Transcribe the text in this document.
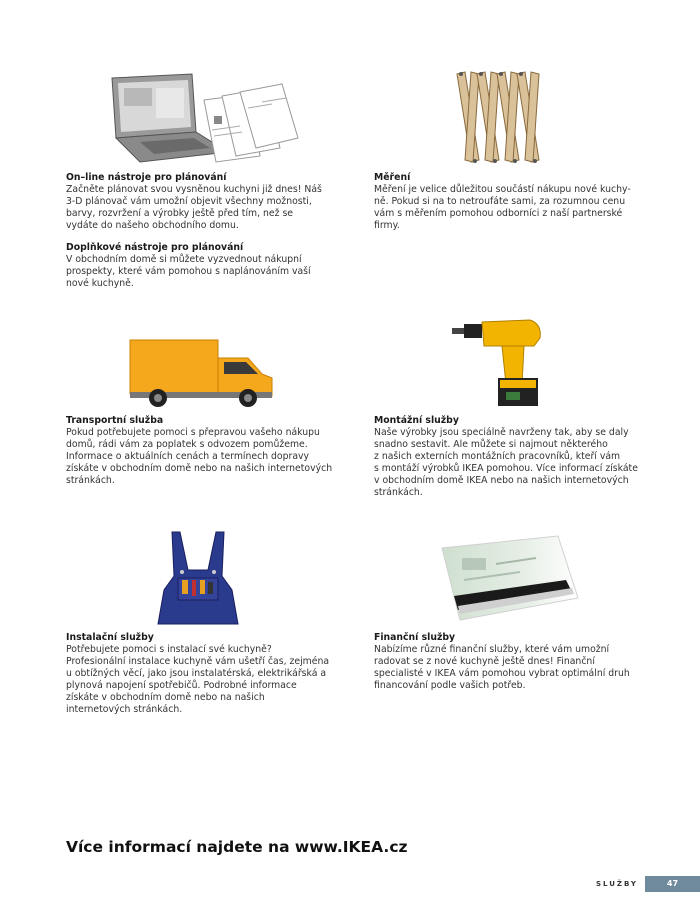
On–line nástroje pro plánování

Začněte plánovat svou vysněnou kuchyni již dnes! Náš

3-D plánovač vám umožní objevit všechny možnosti,

barvy, rozvržení a výrobky ještě před tím, než se

vydáte do našeho obchodního domu.

Doplňkové nástroje pro plánování

V obchodním domě si můžete vyzvednout nákupní

prospekty, které vám pomohou s naplánováním vaší

nové kuchyně.

Měření

Měření je velice důležitou součástí nákupu nové kuchy-

ně. Pokud si na to netroufáte sami, za rozumnou cenu

vám s měřením pomohou odborníci z naší partnerské

firmy.

Transportní služba

Pokud potřebujete pomoci s přepravou vašeho nákupu

domů, rádi vám za poplatek s odvozem pomůžeme.

Informace o aktuálních cenách a termínech dopravy

získáte v obchodním domě nebo na našich internetových

stránkách.

Montážní služby

Naše výrobky jsou speciálně navrženy tak, aby se daly

snadno sestavit. Ale můžete si najmout některého

z našich externích montážních pracovníků, kteří vám

s montáží výrobků IKEA pomohou. Více informací získáte

v obchodním domě IKEA nebo na našich internetových

stránkách.

Instalační služby

Potřebujete pomoci s instalací své kuchyně?

Profesionální instalace kuchyně vám ušetří čas, zejména

u obtížných věcí, jako jsou instalatérská, elektrikářská a

plynová napojení spotřebičů. Podrobné informace

získáte v obchodním domě nebo na našich

internetových stránkách.

Finanční služby

Nabízíme různé finanční služby, které vám umožní

radovat se z nové kuchyně ještě dnes! Finanční

specialisté v IKEA vám pomohou vybrat optimální druh

financování podle vašich potřeb.

Více informací najdete na www.IKEA.cz
SLUŽBY	47
